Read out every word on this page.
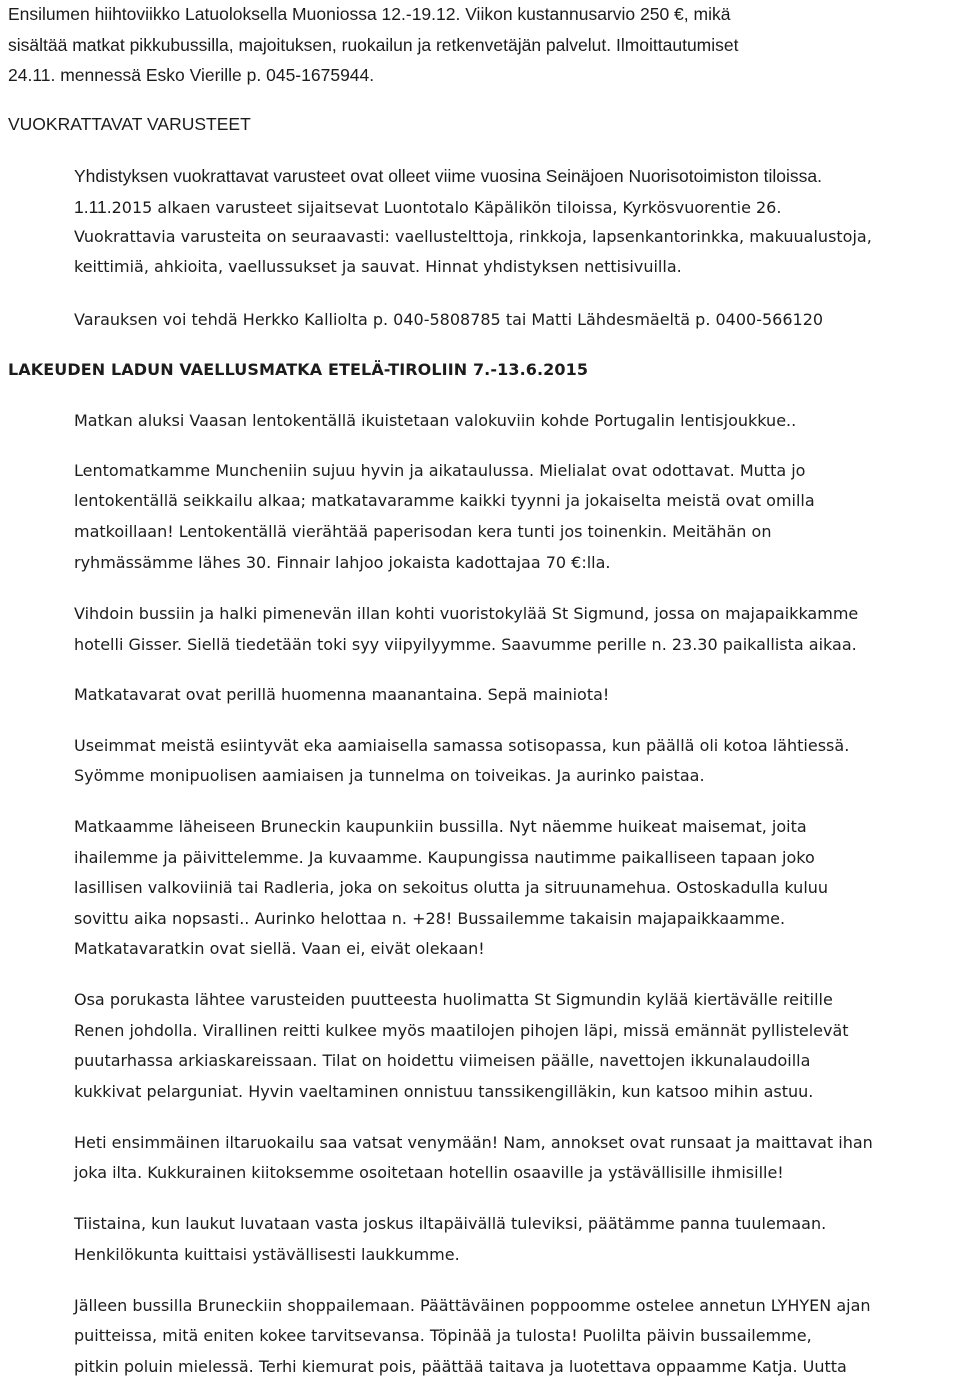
Ensilumen hiihtoviikko Latuoloksella Muoniossa 12.-19.12. Viikon kustannusarvio 250 €, mikä
sisältää matkat pikkubussilla, majoituksen, ruokailun ja retkenvetäjän palvelut. Ilmoittautumiset
24.11. mennessä Esko Vierille p. 045-1675944.
VUOKRATTAVAT VARUSTEET
Yhdistyksen vuokrattavat varusteet ovat olleet viime vuosina Seinäjoen Nuorisotoimiston tiloissa.
1.11.2015 alkaen varusteet sijaitsevat Luontotalo Käpälikön tiloissa, Kyrkösvuorentie 26.
Vuokrattavia varusteita on seuraavasti: vaellustelttoja, rinkkoja, lapsenkantorinkka, makuualustoja,
keittimiä, ahkioita, vaellussukset ja sauvat. Hinnat yhdistyksen nettisivuilla.
Varauksen voi tehdä Herkko Kalliolta p. 040-5808785 tai Matti Lähdesmäeltä p. 0400-566120
LAKEUDEN LADUN VAELLUSMATKA ETELÄ-TIROLIIN 7.-13.6.2015
Matkan aluksi Vaasan lentokentällä ikuistetaan valokuviin kohde Portugalin lentisjoukkue..
Lentomatkamme Muncheniin sujuu hyvin ja aikataulussa. Mielialat ovat odottavat. Mutta jo
lentokentällä seikkailu alkaa; matkatavaramme kaikki tyynni ja jokaiselta meistä ovat omilla
matkoillaan! Lentokentällä vierähtää paperisodan kera tunti jos toinenkin. Meitähän on
ryhmässämme lähes 30. Finnair lahjoo jokaista kadottajaa 70 €:lla.
Vihdoin bussiin ja halki pimenevän illan kohti vuoristokylää St Sigmund, jossa on majapaikkamme
hotelli Gisser. Siellä tiedetään toki syy viipyilyymme. Saavumme perille n. 23.30 paikallista aikaa.
Matkatavarat ovat perillä huomenna maanantaina. Sepä mainiota!
Useimmat meistä esiintyvät eka aamiaisella samassa sotisopassa, kun päällä oli kotoa lähtiessä.
Syömme monipuolisen aamiaisen ja tunnelma on toiveikas. Ja aurinko paistaa.
Matkaamme läheiseen Bruneckin kaupunkiin bussilla. Nyt näemme huikeat maisemat, joita
ihailemme ja päivittelemme. Ja kuvaamme. Kaupungissa nautimme paikalliseen tapaan joko
lasillisen valkoviiniä tai Radleria, joka on sekoitus olutta ja sitruunamehua. Ostoskadulla kuluu
sovittu aika nopsasti.. Aurinko helottaa n. +28! Bussailemme takaisin majapaikkaamme.
Matkatavaratkin ovat siellä. Vaan ei, eivät olekaan!
Osa porukasta lähtee varusteiden puutteesta huolimatta St Sigmundin kylää kiertävälle reitille
Renen johdolla. Virallinen reitti kulkee myös maatilojen pihojen läpi, missä emännät pyllistelevät
puutarhassa arkiaskareissaan. Tilat on hoidettu viimeisen päälle, navettojen ikkunalaudoilla
kukkivat pelarguniat. Hyvin vaeltaminen onnistuu tanssikengilläkin, kun katsoo mihin astuu.
Heti ensimmäinen iltaruokailu saa vatsat venymään! Nam, annokset ovat runsaat ja maittavat ihan
joka ilta. Kukkurainen kiitoksemme osoitetaan hotellin osaaville ja ystävällisille ihmisille!
Tiistaina, kun laukut luvataan vasta joskus iltapäivällä tuleviksi, päätämme panna tuulemaan.
Henkilökunta kuittaisi ystävällisesti laukkumme.
Jälleen bussilla Bruneckiin shoppailemaan. Päättäväinen poppoomme ostelee annetun LYHYEN ajan
puitteissa, mitä eniten kokee tarvitsevansa. Töpinää ja tulosta! Puolilta päivin bussailemme,
pitkin poluin mielessä. Terhi kiemurat pois, päättää taitava ja luotettava oppaamme Katja. Uutta
